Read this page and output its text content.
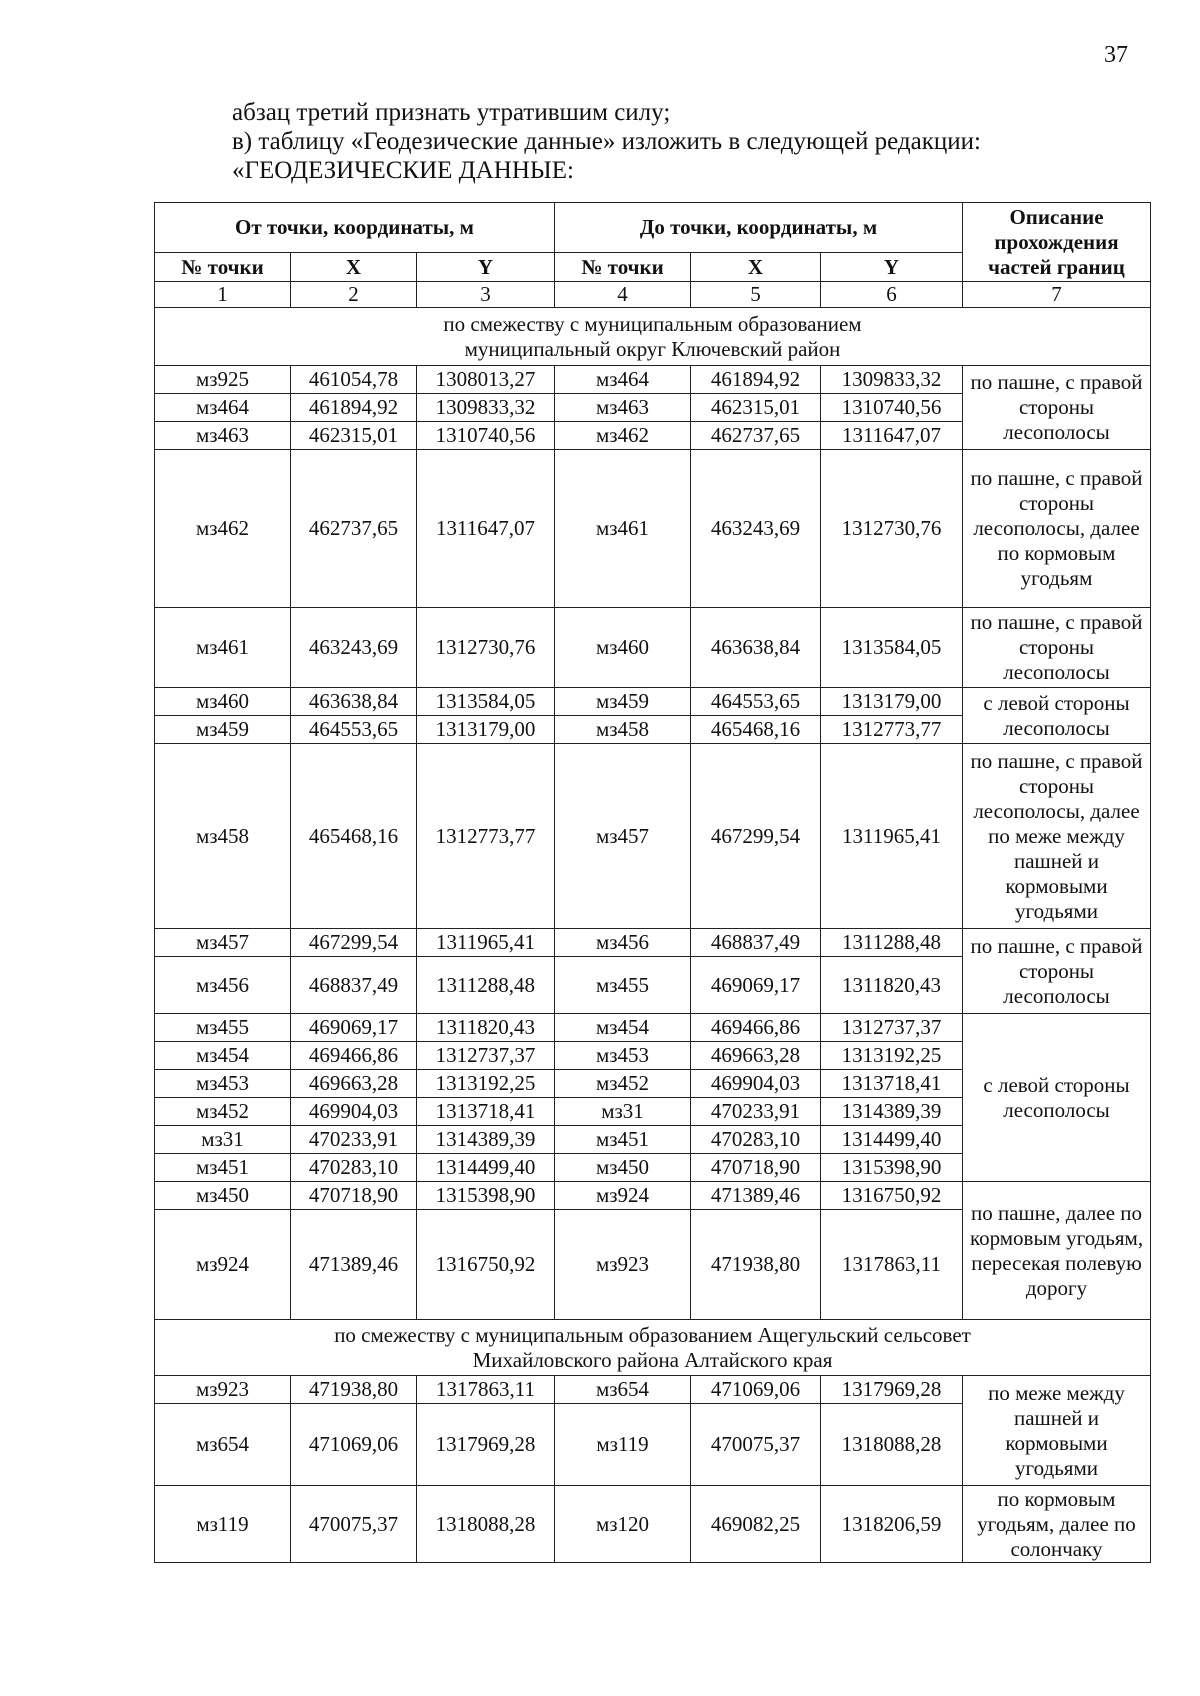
37
абзац третий признать утратившим силу;
в) таблицу «Геодезические данные» изложить в следующей редакции:
«ГЕОДЕЗИЧЕСКИЕ ДАННЫЕ:
От точки, координаты, м			До точки, координаты, м			Описание прохождения частей границ
№ точки	X	Y	№ точки	X	Y	
1	2	3	4	5	6	7
по смежеству с муниципальным образованием муниципальный округ Ключевский район						
мз925	461054,78	1308013,27	мз464	461894,92	1309833,32	по пашне, с правой стороны лесополосы
мз464	461894,92	1309833,32	мз463	462315,01	1310740,56	
мз463	462315,01	1310740,56	мз462	462737,65	1311647,07	
мз462	462737,65	1311647,07	мз461	463243,69	1312730,76	по пашне, с правой стороны лесополосы, далее по кормовым угодьям
мз461	463243,69	1312730,76	мз460	463638,84	1313584,05	по пашне, с правой стороны лесополосы
мз460	463638,84	1313584,05	мз459	464553,65	1313179,00	с левой стороны лесополосы
мз459	464553,65	1313179,00	мз458	465468,16	1312773,77	
мз458	465468,16	1312773,77	мз457	467299,54	1311965,41	по пашне, с правой стороны лесополосы, далее по меже между пашней и кормовыми угодьями
мз457	467299,54	1311965,41	мз456	468837,49	1311288,48	по пашне, с правой стороны лесополосы
мз456	468837,49	1311288,48	мз455	469069,17	1311820,43	
мз455	469069,17	1311820,43	мз454	469466,86	1312737,37	с левой стороны лесополосы
мз454	469466,86	1312737,37	мз453	469663,28	1313192,25	
мз453	469663,28	1313192,25	мз452	469904,03	1313718,41	
мз452	469904,03	1313718,41	мз31	470233,91	1314389,39	
мз31	470233,91	1314389,39	мз451	470283,10	1314499,40	
мз451	470283,10	1314499,40	мз450	470718,90	1315398,90	
мз450	470718,90	1315398,90	мз924	471389,46	1316750,92	по пашне, далее по кормовым угодьям, пересекая полевую дорогу
мз924	471389,46	1316750,92	мз923	471938,80	1317863,11	

по смежеству с муниципальным образованием Ащегульский сельсовет
Михайловского района Алтайского края						

мз923	471938,80	1317863,11	мз654	471069,06	1317969,28	по меже между пашней и кормовыми угодьями
мз654	471069,06	1317969,28	мз119	470075,37	1318088,28	
мз119	470075,37	1318088,28	мз120	469082,25	1318206,59	по кормовым угодьям, далее по солончаку
